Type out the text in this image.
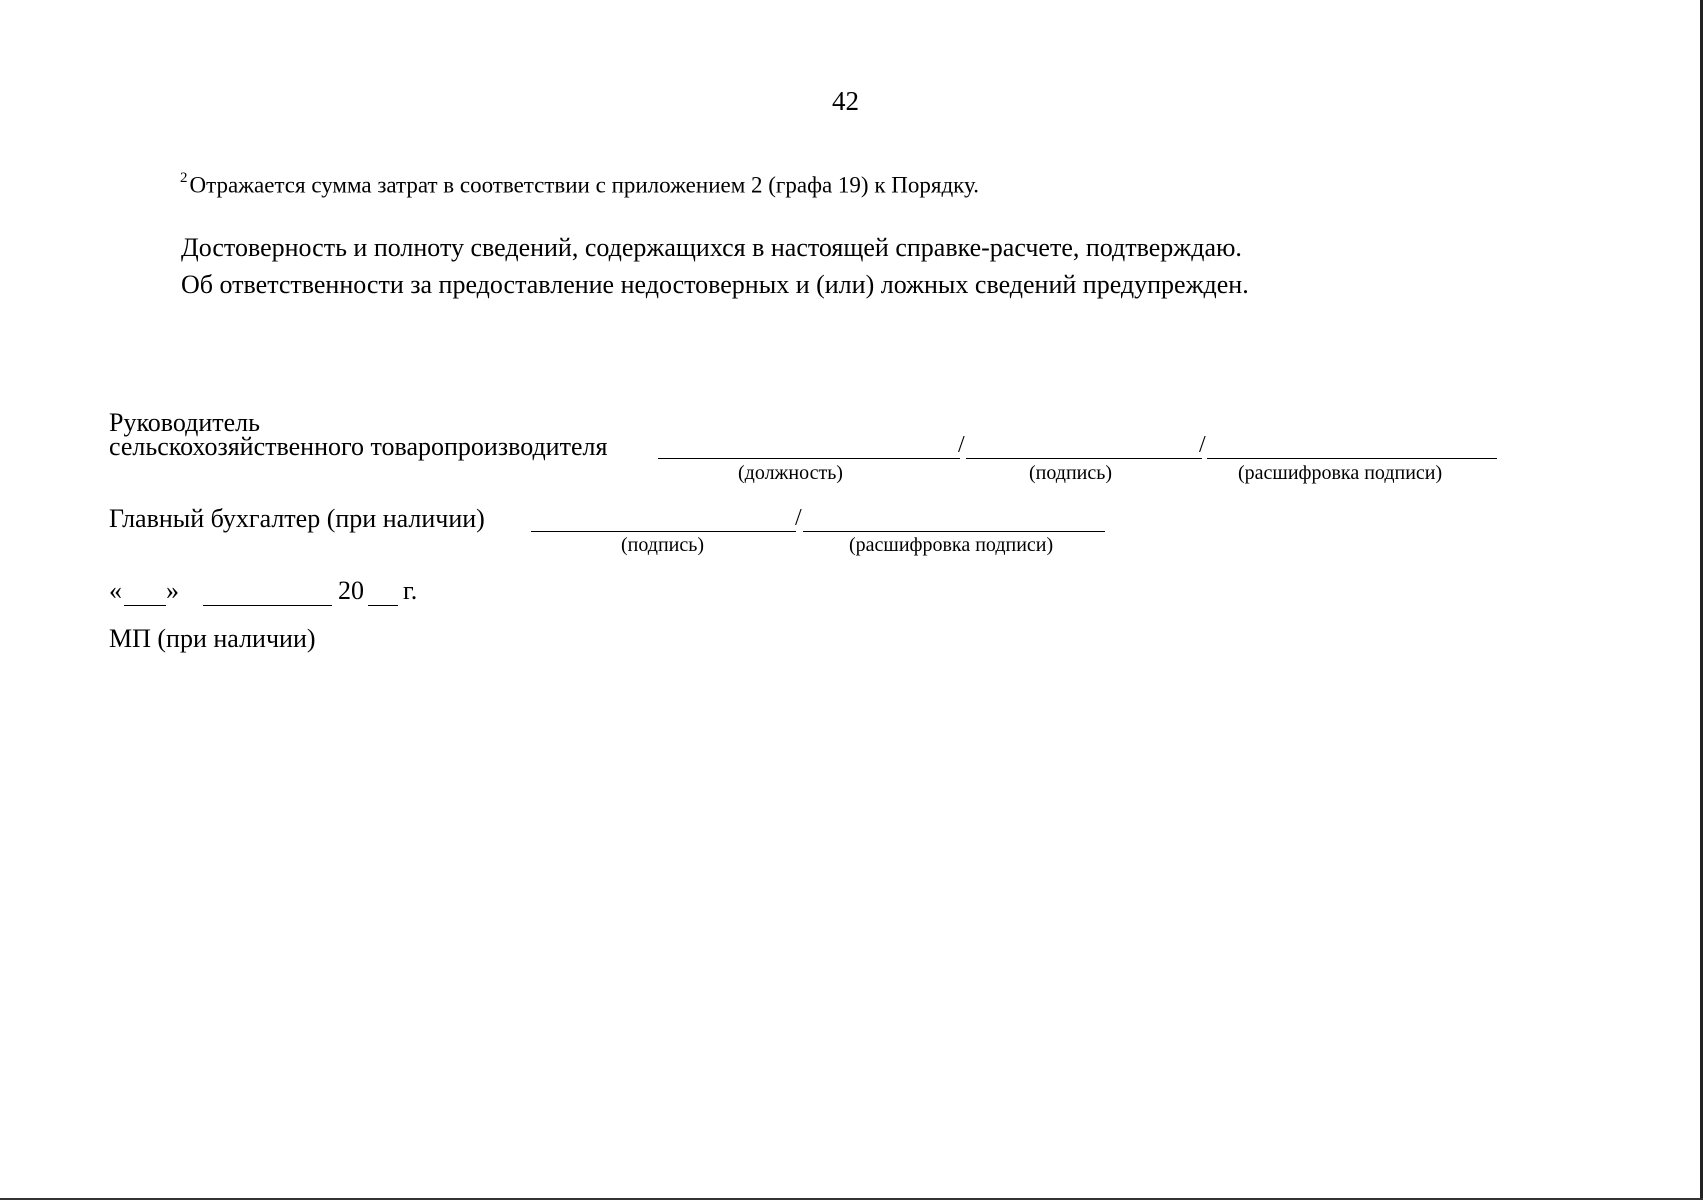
42
$^2$Отражается сумма затрат в соответствии с приложением 2 (графа 19) к Порядку.
Достоверность и полноту сведений, содержащихся в настоящей справке-расчете, подтверждаю.
Об ответственности за предоставление недостоверных и (или) ложных сведений предупрежден.
Руководитель
сельскохозяйственного товаропроизводителя	/	/
(должность)	(подпись)	(расшифровка подписи)
Главный бухгалтер (при наличии)	/
(подпись)	(расшифровка подписи)
« »	20 г.
МП (при наличии)
